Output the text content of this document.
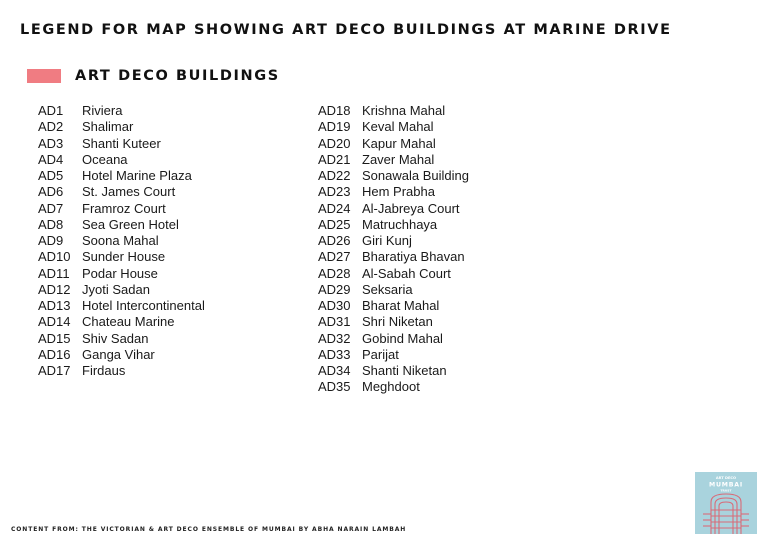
LEGEND FOR MAP SHOWING ART DECO BUILDINGS AT MARINE DRIVE
ART DECO BUILDINGS
AD1	Riviera
AD2	Shalimar
AD3	Shanti Kuteer
AD4	Oceana
AD5	Hotel Marine Plaza
AD6	St. James Court
AD7	Framroz Court
AD8	Sea Green Hotel
AD9	Soona Mahal
AD10 Sunder House
AD11 Podar House
AD12 Jyoti Sadan
AD13 Hotel Intercontinental
AD14 Chateau Marine
AD15 Shiv Sadan
AD16 Ganga Vihar
AD17 Firdaus
AD18 Krishna Mahal
AD19 Keval Mahal
AD20 Kapur Mahal
AD21 Zaver Mahal
AD22 Sonawala Building
AD23 Hem Prabha
AD24 Al-Jabreya Court
AD25 Matruchhaya
AD26 Giri Kunj
AD27 Bharatiya Bhavan
AD28 Al-Sabah Court
AD29 Seksaria
AD30 Bharat Mahal
AD31 Shri Niketan
AD32 Gobind Mahal
AD33 Parijat
AD34 Shanti Niketan
AD35 Meghdoot
CONTENT FROM: THE VICTORIAN & ART DECO ENSEMBLE OF MUMBAI BY ABHA NARAIN LAMBAH
ART DECO
MUMBAI
TRUST
